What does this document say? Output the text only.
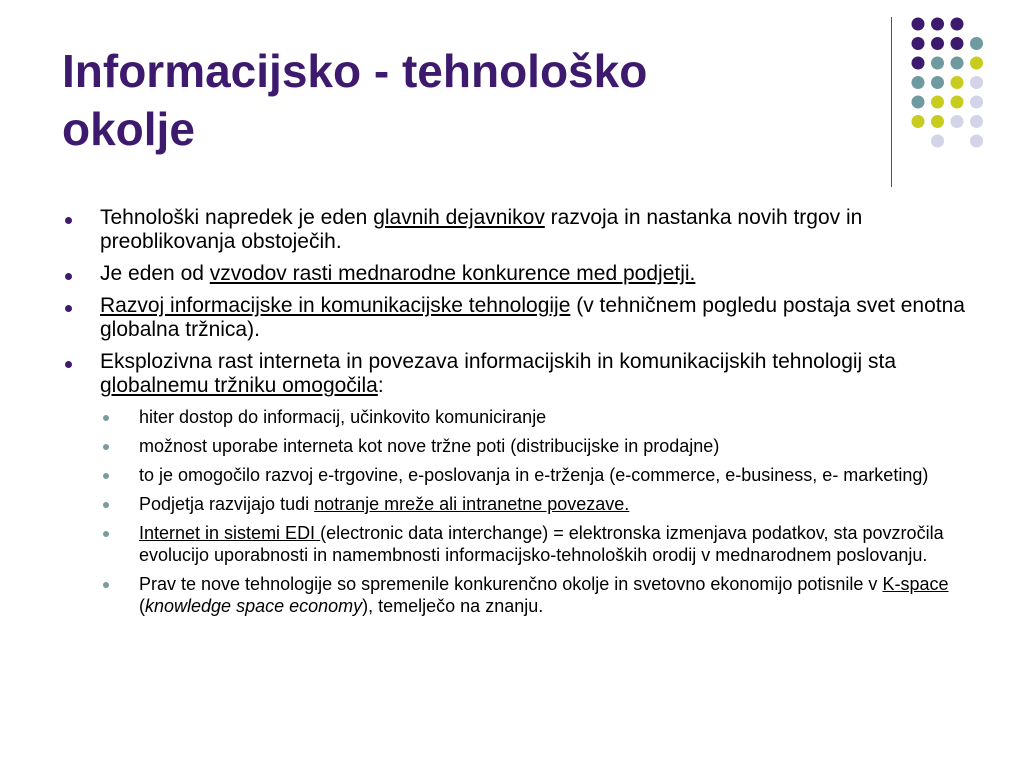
Informacijsko - tehnološko
okolje
Tehnološki napredek je eden glavnih dejavnikov razvoja in nastanka novih trgov in preoblikovanja obstoječih.
Je eden od vzvodov rasti mednarodne konkurence med podjetji.
Razvoj informacijske in komunikacijske tehnologije (v tehničnem pogledu postaja svet enotna globalna tržnica).
Eksplozivna rast interneta in povezava informacijskih in komunikacijskih tehnologij sta globalnemu tržniku omogočila:
hiter dostop do informacij, učinkovito komuniciranje
možnost uporabe interneta kot nove tržne poti (distribucijske in prodajne)
to je omogočilo razvoj e-trgovine, e-poslovanja in e-trženja (e-commerce, e-business, e- marketing)
Podjetja razvijajo tudi notranje mreže ali intranetne povezave.
Internet in sistemi EDI (electronic data interchange) = elektronska izmenjava podatkov, sta povzročila evolucijo uporabnosti in namembnosti informacijsko-tehnoloških orodij v mednarodnem poslovanju.
Prav te nove tehnologije so spremenile konkurenčno okolje in svetovno ekonomijo potisnile v K-space (knowledge space economy), temelječo na znanju.
